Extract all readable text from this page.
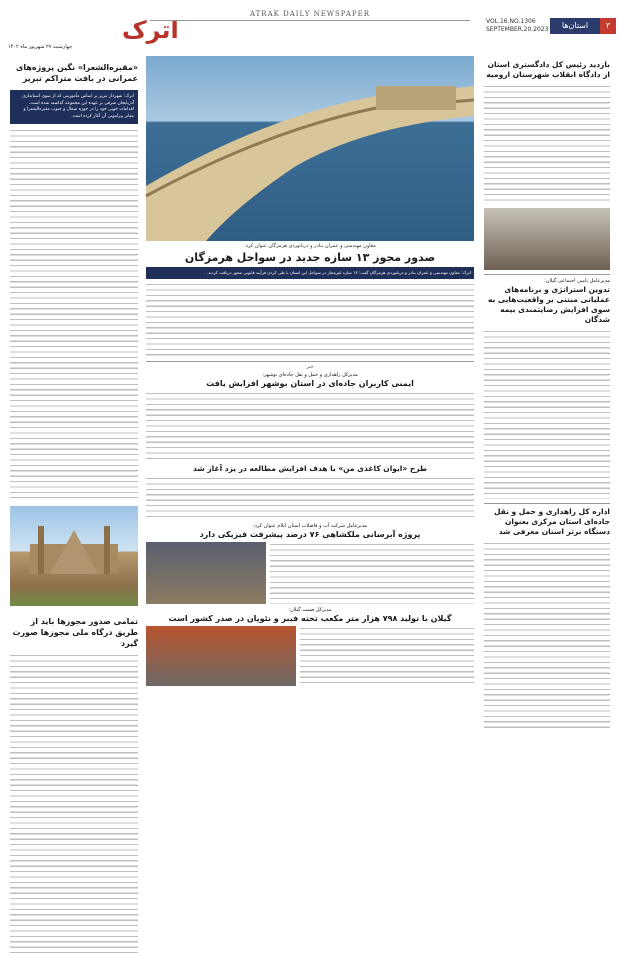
اترک
چهارشنبه ۲۹ شهریور ماه ۱۴۰۲
ATRAK DAILY NEWSPAPER
VOL.16.NO.1306
SEPTEMBER.20.2023	استان‌ها	۳
«مقبره‌الشعرا» نگین پروژه‌های عمرانی در بافت متراکم تبریز
اترک: شهردار تبریز بر اساس مأموریتی که از سوی استانداری آذربایجان شرقی بر عهده این مجموعه گذاشته شده است، اقدامات خوبی خود را در حوزه شمال و جنوب مقبره‌الشعرا و معابر پیرامونی آن آغاز کرده است.
تمامی صدور مجوزها باید از طریق درگاه ملی مجوزها صورت گیرد
معاون مهندسی و عمران بنادر و دریانوردی هرمزگان عنوان کرد:
صدور مجوز ۱۳ سازه جدید در سواحل هرمزگان
اترک: معاون مهندسی و عمران بنادر و دریانوردی هرمزگان گفت: ۱۳ سازه غیرمجاز در سواحل این استان با طی کردن فرآیند قانونی مجوز دریافت کردند.
خبر
مدیرکل راهداری و حمل و نقل جاده‌ای بوشهر:
ایمنی کاربران جاده‌ای در استان بوشهر افزایش یافت
طرح «ایوان کاغذی من» با هدف افزایش مطالعه در یزد آغاز شد
مدیرعامل شرکت آب و فاضلاب استان ایلام عنوان کرد:
پروژه آبرسانی ملکشاهی ۷۶ درصد پیشرفت فیزیکی دارد
مدیرکل صمت گیلان:
گیلان با تولید ۷۹۸ هزار متر مکعب تخته فیبر و نئوپان در صدر کشور است
بازدید رئیس کل دادگستری استان از دادگاه انقلاب شهرستان ارومیه
مدیرعامل تامین اجتماعی گیلان:
تدوین استراتژی و برنامه‌های عملیاتی مبتنی بر واقعیت‌هایی به سوی افزایش رضایتمندی بیمه شدگان
اداره کل راهداری و حمل و نقل جاده‌ای استان مرکزی بعنوان دستگاه برتر استان معرفی شد
